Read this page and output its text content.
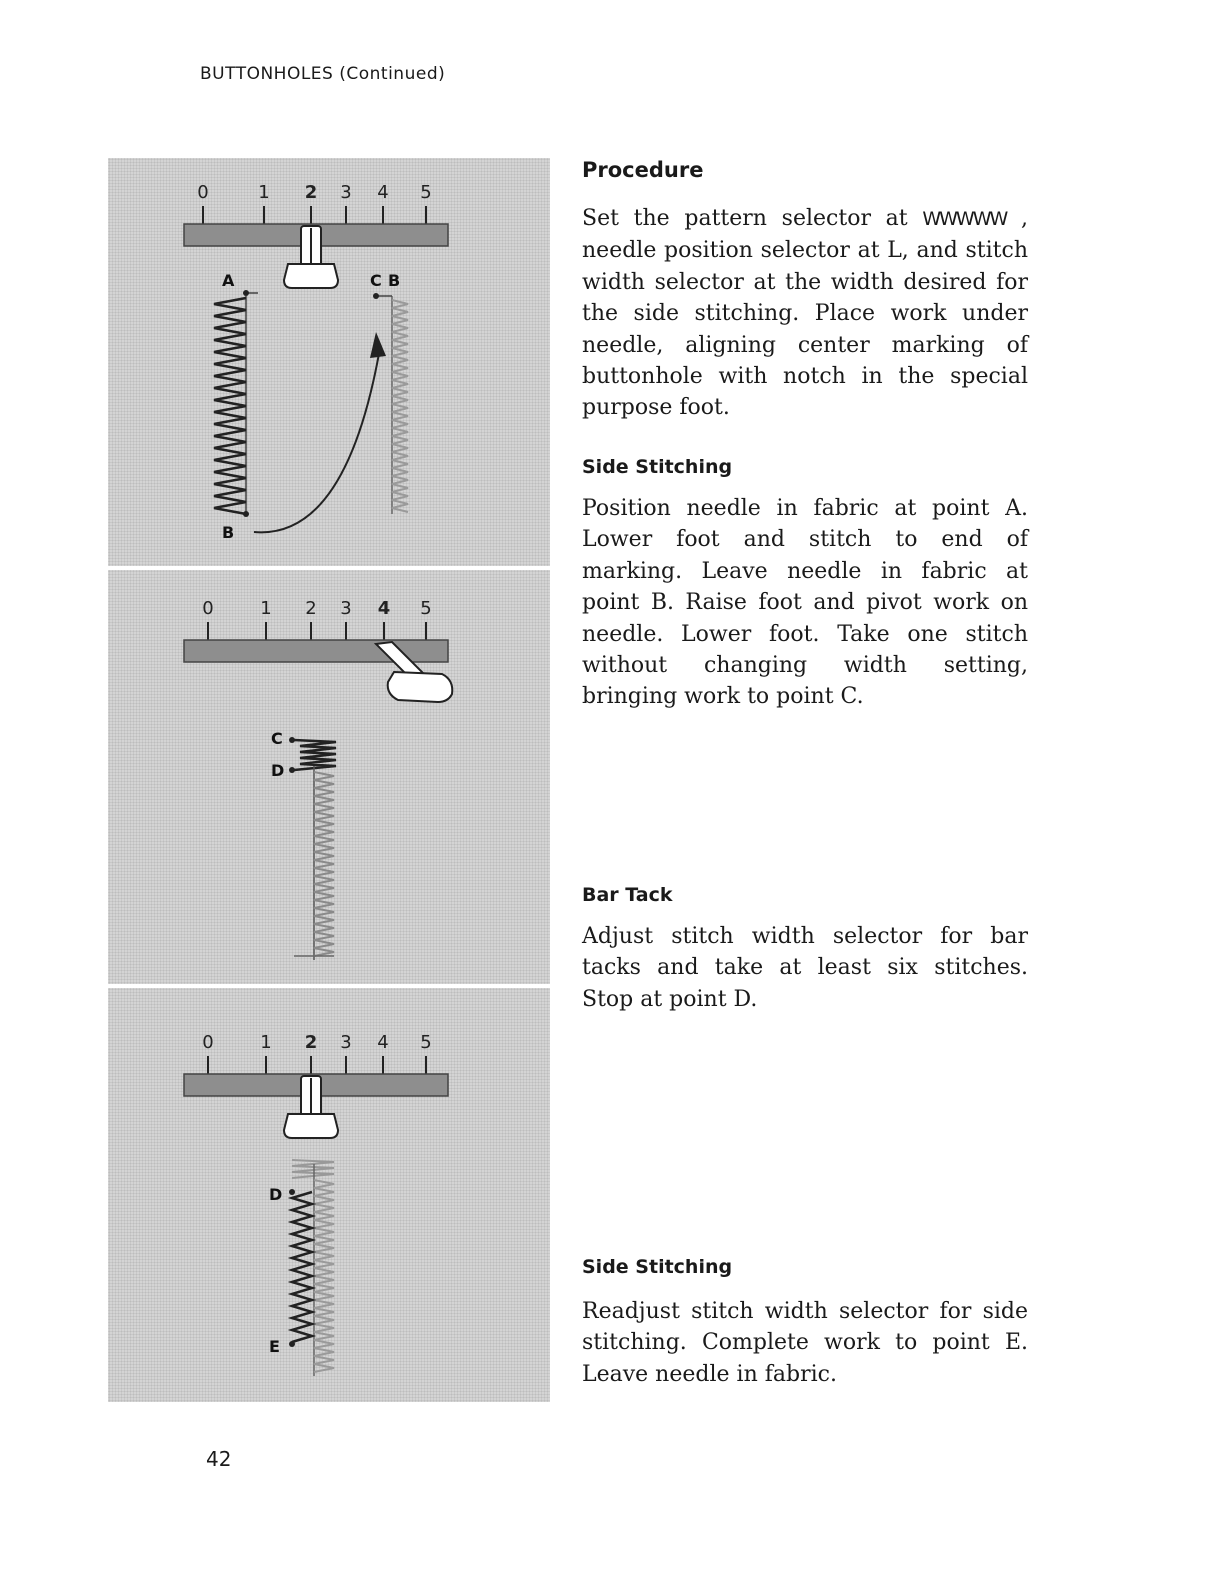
BUTTONHOLES (Continued)
0	1 2 3 4 5
A	C B
B
0	1 2 3 4 5
C
D
0	1 2 3 4 5
D
E
Procedure

Set the pattern selector at WWWWW , needle position selector at L, and stitch width selector at the width desired for the side stitching. Place work under needle, aligning center marking of buttonhole with notch in the special purpose foot.

Side Stitching

Position needle in fabric at point A. Lower foot and stitch to end of marking. Leave needle in fabric at point B. Raise foot and pivot work on needle. Lower foot. Take one stitch without changing width setting, bringing work to point C.

Bar Tack

Adjust stitch width selector for bar tacks and take at least six stitches. Stop at point D.

Side Stitching

Readjust stitch width selector for side stitching. Complete work to point E. Leave needle in fabric.

42
